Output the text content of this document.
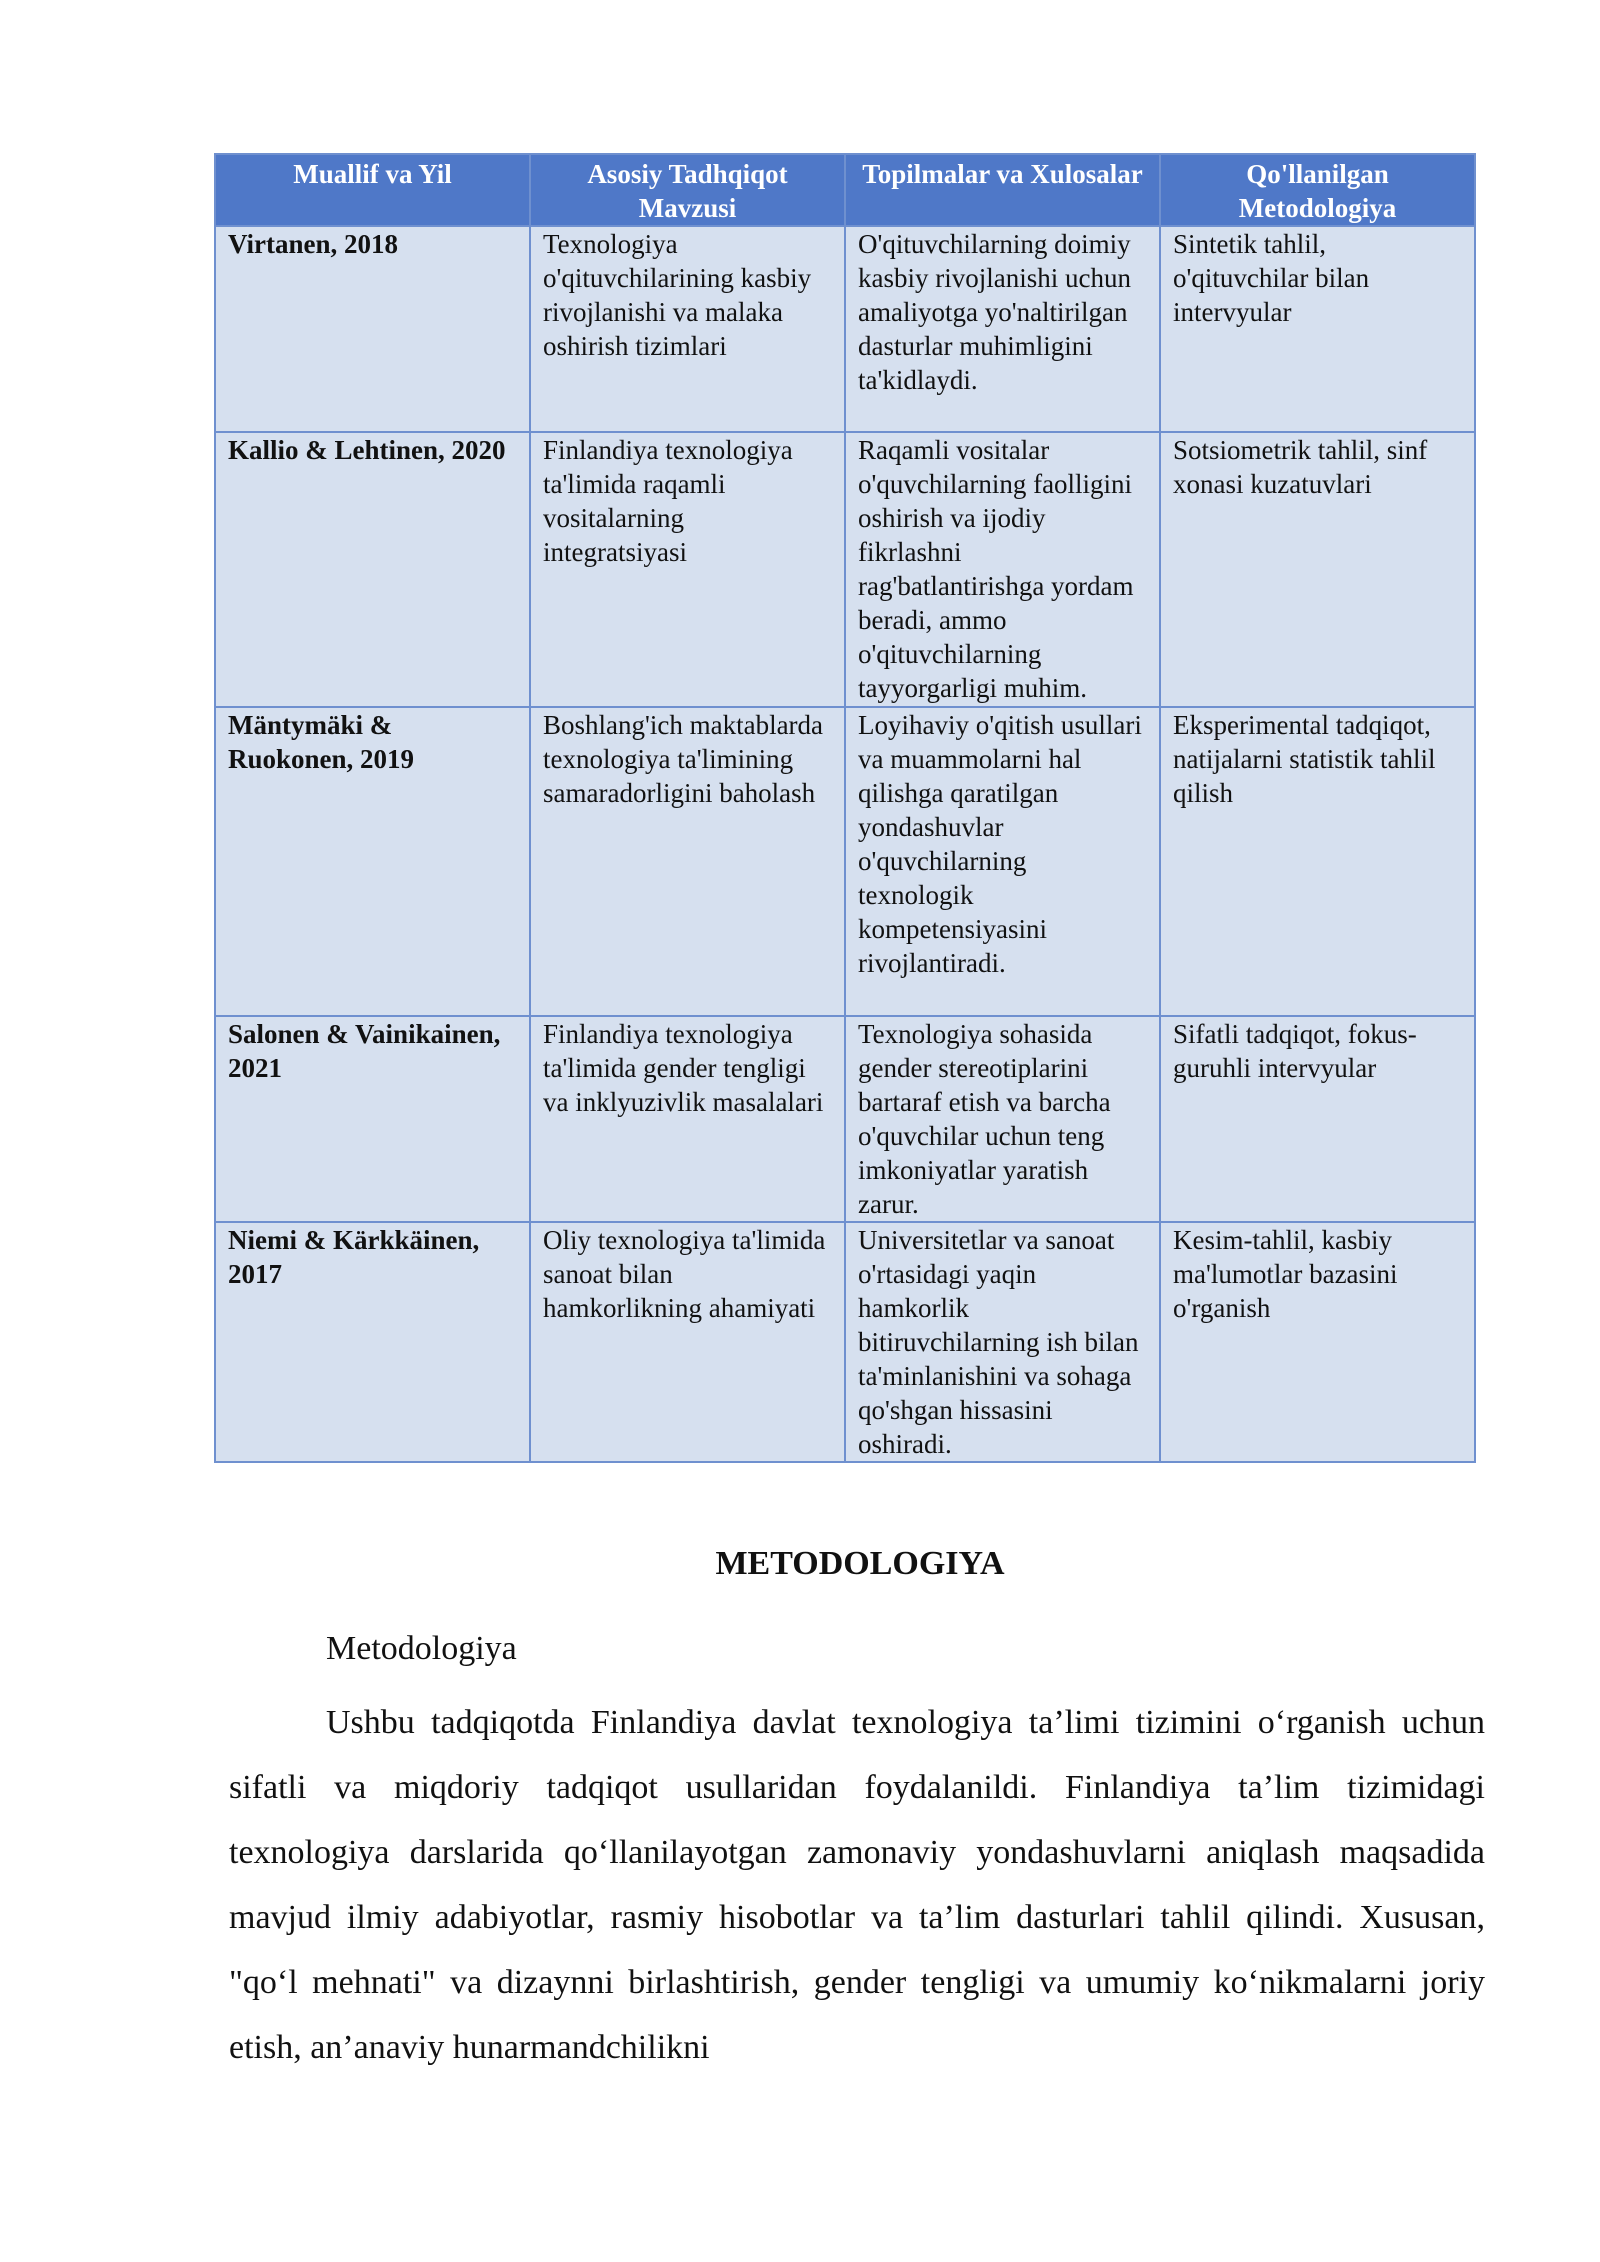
Muallif va Yil	Asosiy Tadhqiqot Mavzusi	Topilmalar va Xulosalar	Qo'llanilgan Metodologiya
Virtanen, 2018	Texnologiya o'qituvchilarining kasbiy rivojlanishi va malaka oshirish tizimlari	O'qituvchilarning doimiy kasbiy rivojlanishi uchun amaliyotga yo'naltirilgan dasturlar muhimligini ta'kidlaydi.	Sintetik tahlil, o'qituvchilar bilan intervyular
Kallio & Lehtinen, 2020	Finlandiya texnologiya ta'limida raqamli vositalarning integratsiyasi	Raqamli vositalar o'quvchilarning faolligini oshirish va ijodiy fikrlashni rag'batlantirishga yordam beradi, ammo o'qituvchilarning tayyorgarligi muhim.	Sotsiometrik tahlil, sinf xonasi kuzatuvlari
Mäntymäki & Ruokonen, 2019	Boshlang'ich maktablarda texnologiya ta'limining samaradorligini baholash	Loyihaviy o'qitish usullari va muammolarni hal qilishga qaratilgan yondashuvlar o'quvchilarning texnologik kompetensiyasini rivojlantiradi.	Eksperimental tadqiqot, natijalarni statistik tahlil qilish
Salonen & Vainikainen, 2021	Finlandiya texnologiya ta'limida gender tengligi va inklyuzivlik masalalari	Texnologiya sohasida gender stereotiplarini bartaraf etish va barcha o'quvchilar uchun teng imkoniyatlar yaratish zarur.	Sifatli tadqiqot, fokus-guruhli intervyular
Niemi & Kärkkäinen, 2017	Oliy texnologiya ta'limida sanoat bilan hamkorlikning ahamiyati	Universitetlar va sanoat o'rtasidagi yaqin hamkorlik bitiruvchilarning ish bilan ta'minlanishini va sohaga qo'shgan hissasini oshiradi.	Kesim-tahlil, kasbiy ma'lumotlar bazasini o'rganish
METODOLOGIYA

Metodologiya

Ushbu tadqiqotda Finlandiya davlat texnologiya ta’limi tizimini o‘rganish uchun sifatli va miqdoriy tadqiqot usullaridan foydalanildi. Finlandiya ta’lim tizimidagi texnologiya darslarida qo‘llanilayotgan zamonaviy yondashuvlarni aniqlash maqsadida mavjud ilmiy adabiyotlar, rasmiy hisobotlar va ta’lim dasturlari tahlil qilindi. Xususan, "qo‘l mehnati" va dizaynni birlashtirish, gender tengligi va umumiy ko‘nikmalarni joriy etish, an’anaviy hunarmandchilikni
